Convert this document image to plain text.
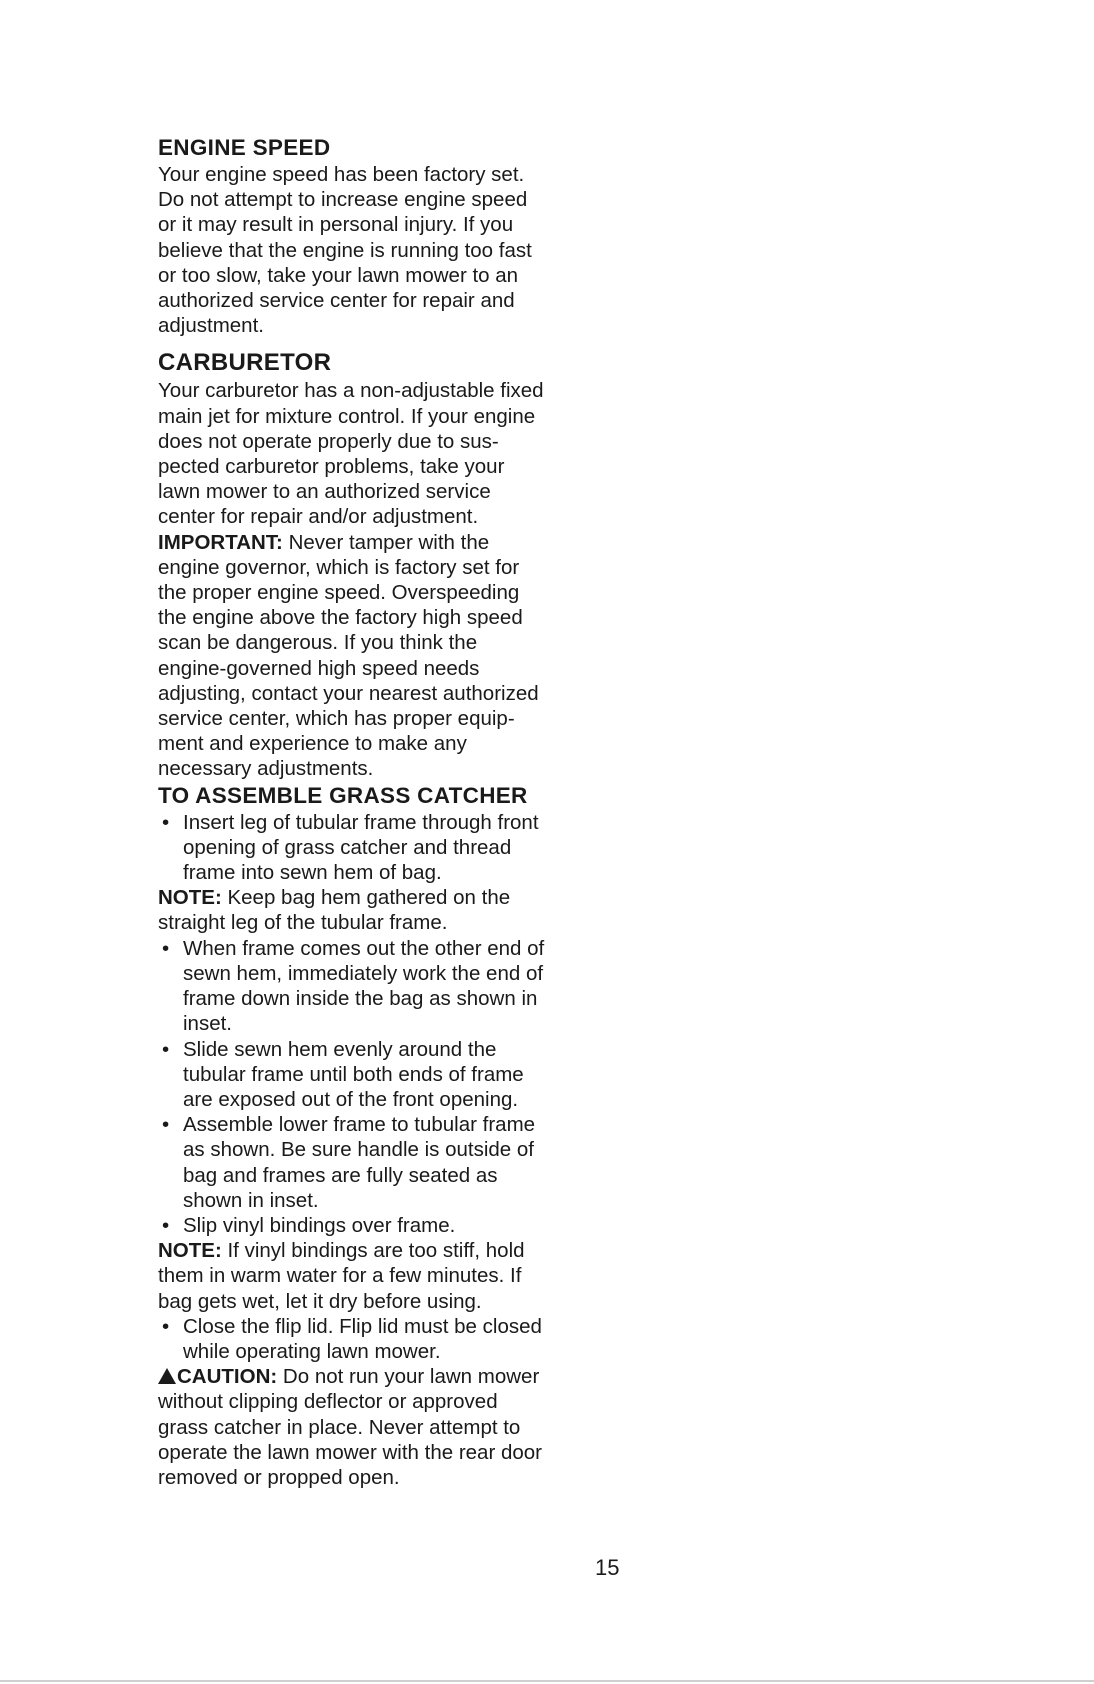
ENGINE SPEED
Your engine speed has been factory set.
Do not attempt to increase engine speed
or it may result in personal injury. If you
believe that the engine is running too fast
or too slow, take your lawn mower to an
authorized service center for repair and
adjustment.
CARBURETOR
Your carburetor has a non-adjustable fixed
main jet for mixture control. If your engine
does not operate properly due to sus-
pected carburetor problems, take your
lawn mower to an authorized service
center for repair and/or adjustment.
IMPORTANT: Never tamper with the
engine governor, which is factory set for
the proper engine speed. Overspeeding
the engine above the factory high speed
scan be dangerous. If you think the
engine-governed high speed needs
adjusting, contact your nearest authorized
service center, which has proper equip-
ment and experience to make any
necessary adjustments.
TO ASSEMBLE GRASS CATCHER
• Insert leg of tubular frame through front
opening of grass catcher and thread
frame into sewn hem of bag.
NOTE: Keep bag hem gathered on the
straight leg of the tubular frame.
• When frame comes out the other end of
sewn hem, immediately work the end of
frame down inside the bag as shown in
inset.
• Slide sewn hem evenly around the
tubular frame until both ends of frame
are exposed out of the front opening.
• Assemble lower frame to tubular frame
as shown. Be sure handle is outside of
bag and frames are fully seated as
shown in inset.
• Slip vinyl bindings over frame.
NOTE: If vinyl bindings are too stiff, hold
them in warm water for a few minutes. If
bag gets wet, let it dry before using.
• Close the flip lid. Flip lid must be closed
while operating lawn mower.
CAUTION: Do not run your lawn mower
without clipping deflector or approved
grass catcher in place. Never attempt to
operate the lawn mower with the rear door
removed or propped open.
15
